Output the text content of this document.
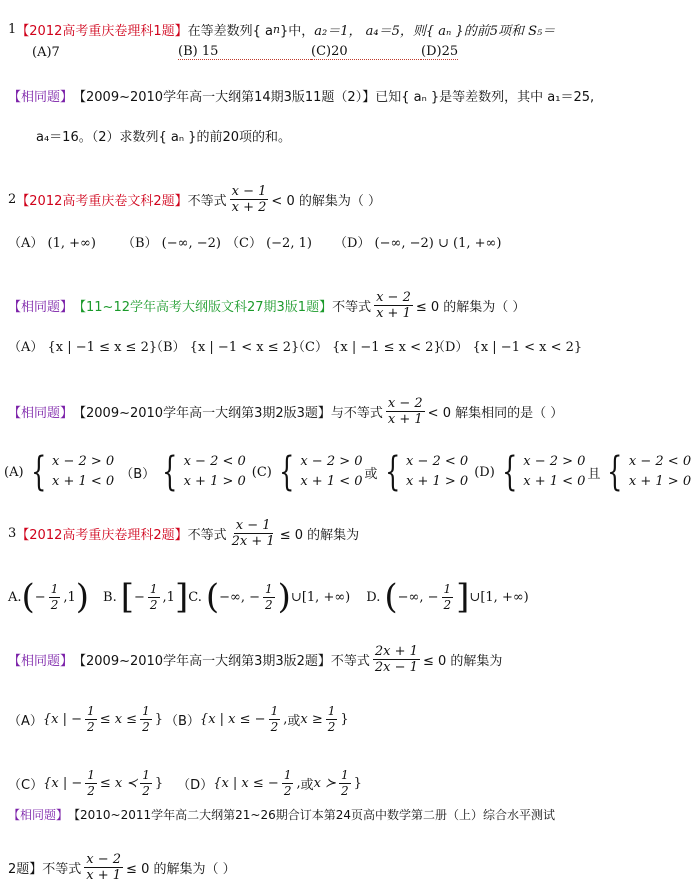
1 【2012高考重庆卷理科1题】 在等差数列{ a n }中， a₂＝1， a₄＝5，则{ aₙ }的前5项和 S₅＝
(A)7	(B) 15	(C)20	(D)25
【相同题】 【2009~2010学年高一大纲第14期3版11题（2）】 已知{ aₙ }是等差数列，其中 a₁＝25,
a₄＝16。（2）求数列{ aₙ }的前20项的和。
2 【2012高考重庆卷文科2题】 不等式 $\frac{x - 1}{x + 2} < 0$ 的解集为（ ）
（A） (1, +∞)	（B） (−∞, −2) （C） (−2, 1)	（D） (−∞, −2) ∪ (1, +∞)
【相同题】 【11~12学年高考大纲版文科27期3版1题】 不等式 $\frac{x - 2}{x + 1} \le 0$ 的解集为（ ）
（A） {x | −1 ≤ x ≤ 2}
（B） {x | −1 < x ≤ 2}
（C） {x | −1 ≤ x < 2}
（D） {x | −1 < x < 2}
【相同题】 【2009~2010学年高一大纲第3期2版3题】 与不等式 $\frac{x - 2}{x + 1} < 0$ 解集相同的是（ ）
(A) { x − 2 > 0
x + 1 < 0 （B） { x − 2 < 0
x + 1 > 0
(C) { x − 2 > 0
x + 1 < 0 或 { x − 2 < 0
x + 1 > 0
(D) { x − 2 > 0
x + 1 < 0 且 { x − 2 < 0
x + 1 > 0
3 【2012高考重庆卷理科2题】 不等式 $\frac{x - 1}{2x + 1} \le 0$ 的解集为
A. ( − $\frac{1}{2}$ , 1 ) B. [ − $\frac{1}{2}$ , 1 ] C. ( −∞ , − $\frac{1}{2}$ ) ∪[ 1 , +∞ ) D. ( −∞ , − $\frac{1}{2}$ ] ∪[ 1 , +∞ )
【相同题】 【2009~2010学年高一大纲第3期3版2题】 不等式 $\frac{2x + 1}{2x - 1} \le 0$ 的解集为
（A） {x | − $\frac{1}{2} \le x \le \frac{1}{2}$ } （B） {x | x ≤ − $\frac{1}{2}$ , 或 $x \ge \frac{1}{2}$ }
（C） {x | − $\frac{1}{2} \le x$ ≺ $\frac{1}{2}$ } （D） {x | x ≤ − $\frac{1}{2}$ , 或 x ≻ $\frac{1}{2}$ }
【相同题】 【2010~2011学年高二大纲第21~26期合订本第24页高中数学第二册（上）综合水平测试
2题】不等式 $\frac{x - 2}{x + 1} \le 0$ 的解集为（ ）
